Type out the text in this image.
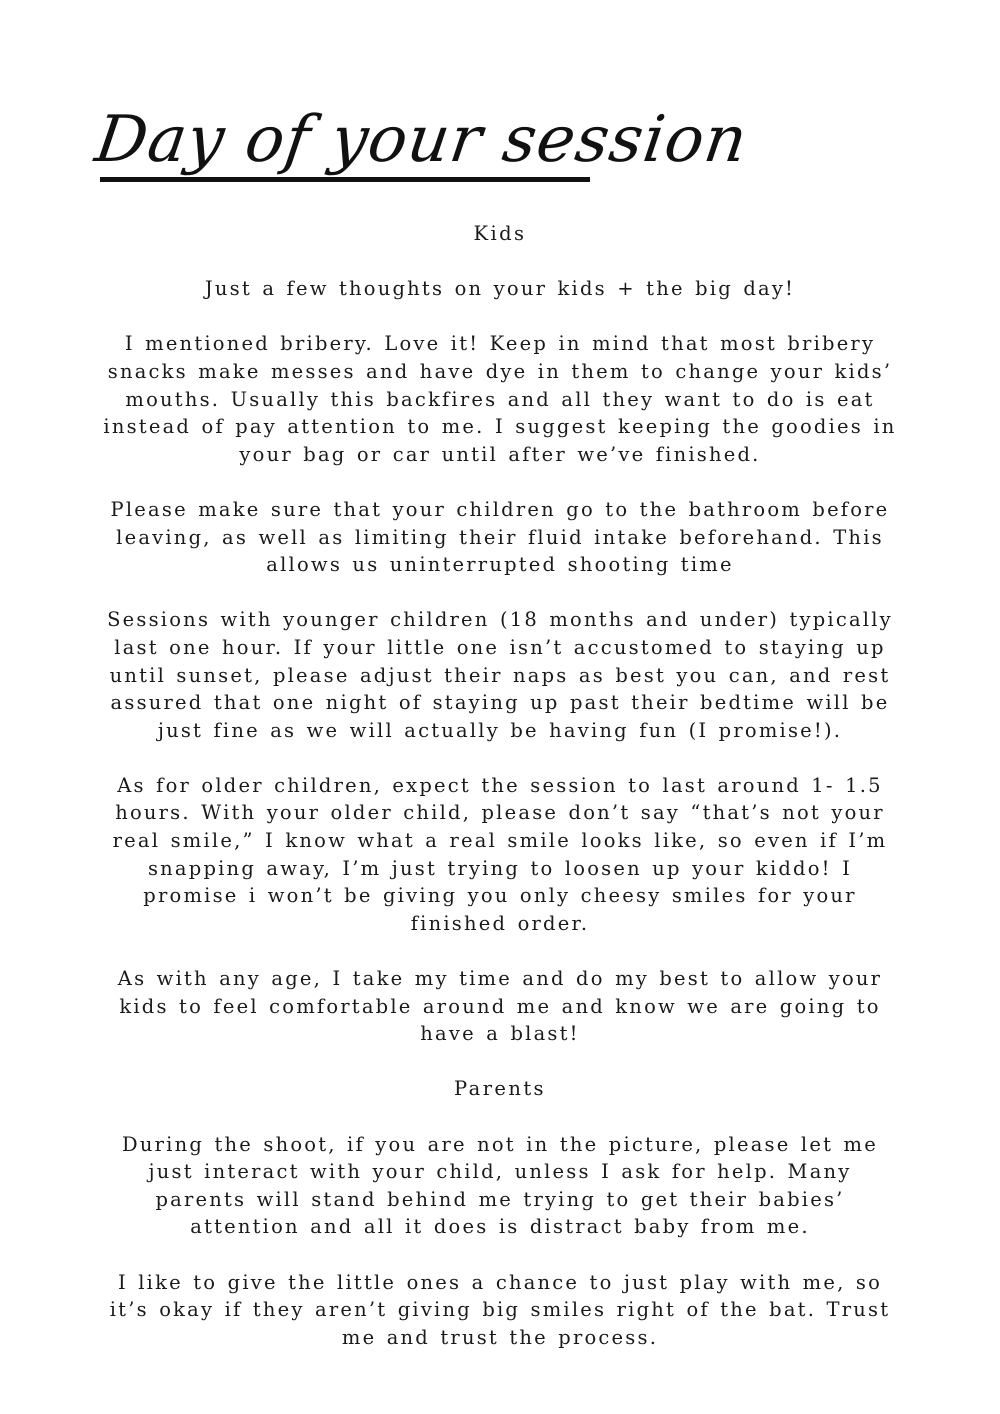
Day of your session

Kids

Just a few thoughts on your kids + the big day!

I mentioned bribery. Love it! Keep in mind that most bribery snacks make messes and have dye in them to change your kids’ mouths. Usually this backfires and all they want to do is eat instead of pay attention to me. I suggest keeping the goodies in your bag or car until after we’ve finished.

Please make sure that your children go to the bathroom before leaving, as well as limiting their fluid intake beforehand. This allows us uninterrupted shooting time

Sessions with younger children (18 months and under) typically last one hour. If your little one isn’t accustomed to staying up until sunset, please adjust their naps as best you can, and rest assured that one night of staying up past their bedtime will be just fine as we will actually be having fun (I promise!).

As for older children, expect the session to last around 1- 1.5 hours. With your older child, please don’t say “that’s not your real smile,” I know what a real smile looks like, so even if I’m snapping away, I’m just trying to loosen up your kiddo! I promise i won’t be giving you only cheesy smiles for your finished order.

As with any age, I take my time and do my best to allow your kids to feel comfortable around me and know we are going to have a blast!

Parents

During the shoot, if you are not in the picture, please let me just interact with your child, unless I ask for help. Many parents will stand behind me trying to get their babies’ attention and all it does is distract baby from me.

I like to give the little ones a chance to just play with me, so it’s okay if they aren’t giving big smiles right of the bat. Trust me and trust the process.
